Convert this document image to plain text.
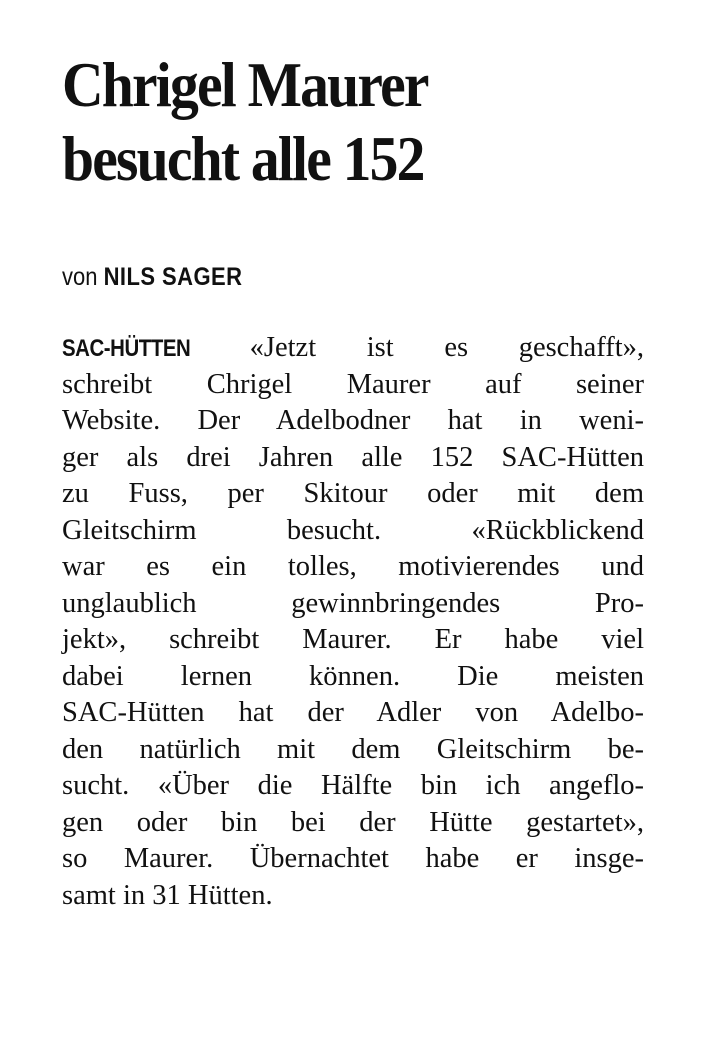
Chrigel Maurer
besucht alle 152
von NILS SAGER
SAC-HÜTTEN «Jetzt ist es geschafft»,
schreibt Chrigel Maurer auf seiner
Website. Der Adelbodner hat in weni-
ger als drei Jahren alle 152 SAC-Hütten
zu Fuss, per Skitour oder mit dem
Gleitschirm besucht. «Rückblickend
war es ein tolles, motivierendes und
unglaublich gewinnbringendes Pro-
jekt», schreibt Maurer. Er habe viel
dabei lernen können. Die meisten
SAC-Hütten hat der Adler von Adelbo-
den natürlich mit dem Gleitschirm be-
sucht. «Über die Hälfte bin ich angeflo-
gen oder bin bei der Hütte gestartet»,
so Maurer. Übernachtet habe er insge-
samt in 31 Hütten.
